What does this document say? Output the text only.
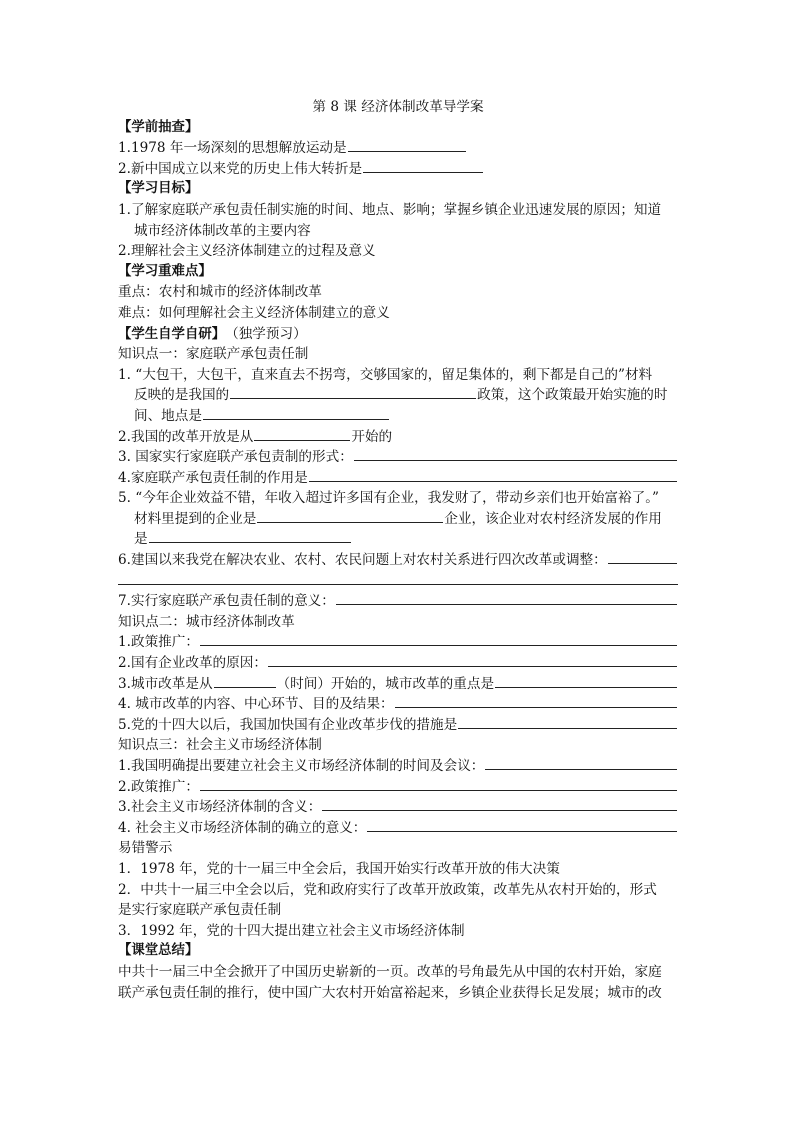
第 8 课 经济体制改革导学案
【学前抽查】
1.1978 年一场深刻的思想解放运动是
2.新中国成立以来党的历史上伟大转折是
【学习目标】
1.了解家庭联产承包责任制实施的时间、地点、影响；掌握乡镇企业迅速发展的原因；知道
城市经济体制改革的主要内容
2.理解社会主义经济体制建立的过程及意义
【学习重难点】
重点：农村和城市的经济体制改革
难点：如何理解社会主义经济体制建立的意义
【学生自学自研】 （独学预习）
知识点一：家庭联产承包责任制
1. “大包干，大包干，直来直去不拐弯，交够国家的，留足集体的，剩下都是自己的”材料
反映的是我国的	政策，这个政策最开始实施的时
间、地点是
2.我国的改革开放是从	开始的
3. 国家实行家庭联产承包责制的形式：
4.家庭联产承包责任制的作用是
5. “今年企业效益不错，年收入超过许多国有企业，我发财了，带动乡亲们也开始富裕了。”
材料里提到的企业是	企业，该企业对农村经济发展的作用
是
6.建国以来我党在解决农业、农村、农民问题上对农村关系进行四次改革或调整：
7.实行家庭联产承包责任制的意义：
知识点二：城市经济体制改革
1.政策推广：
2.国有企业改革的原因：
3.城市改革是从	（时间）开始的，城市改革的重点是
4. 城市改革的内容、中心环节、目的及结果：
5.党的十四大以后，我国加快国有企业改革步伐的措施是
知识点三：社会主义市场经济体制
1.我国明确提出要建立社会主义市场经济体制的时间及会议：
2.政策推广：
3.社会主义市场经济体制的含义：
4. 社会主义市场经济体制的确立的意义：
易错警示
1．1978 年，党的十一届三中全会后，我国开始实行改革开放的伟大决策
2．中共十一届三中全会以后，党和政府实行了改革开放政策，改革先从农村开始的，形式
是实行家庭联产承包责任制
3．1992 年，党的十四大提出建立社会主义市场经济体制
【课堂总结】
中共十一届三中全会掀开了中国历史崭新的一页。改革的号角最先从中国的农村开始，家庭
联产承包责任制的推行，使中国广大农村开始富裕起来，乡镇企业获得长足发展；城市的改
